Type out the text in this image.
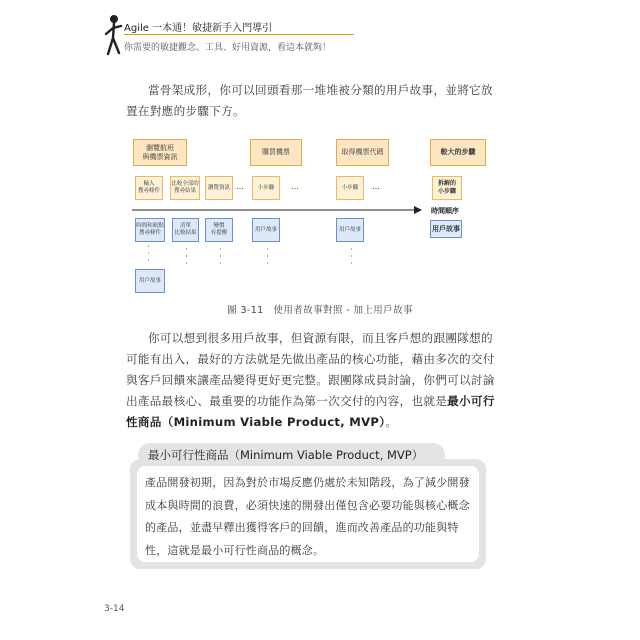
Agile 一本通！敏捷新手入門導引
你需要的敏捷觀念、工具、好用資源，看這本就夠！
當骨架成形，你可以回頭看那一堆堆被分類的用戶故事，並將它放置在對應的步驟下方。
瀏覽航班
與機票資訊
購買機票	取得機票代碼	較大的步驟
輸入
搜尋條件
比較全部的
搜尋結果
瀏覽資訊 …	小步驟	…	小步驟	…	拆解的
小步驟
時間順序
時間和航點
搜尋條件
清單
比較結果
變價
有提醒
用戶故事	用戶故事	用戶故事
·
·
·
·
·
·
·
·
·
·
·
·
·
·
·
用戶故事
圖 3-11　使用者故事對照 - 加上用戶故事
你可以想到很多用戶故事，但資源有限，而且客戶想的跟團隊想的可能有出入，最好的方法就是先做出產品的核心功能，藉由多次的交付與客戶回饋來讓產品變得更好更完整。跟團隊成員討論，你們可以討論出產品最核心、最重要的功能作為第一次交付的內容，也就是最小可行性商品（Minimum Viable Product, MVP）。
最小可行性商品（Minimum Viable Product, MVP）
產品開發初期，因為對於市場反應仍處於未知階段，為了減少開發成本與時間的浪費，必須快速的開發出僅包含必要功能與核心概念的產品，並盡早釋出獲得客戶的回饋，進而改善產品的功能與特性，這就是最小可行性商品的概念。
3-14
